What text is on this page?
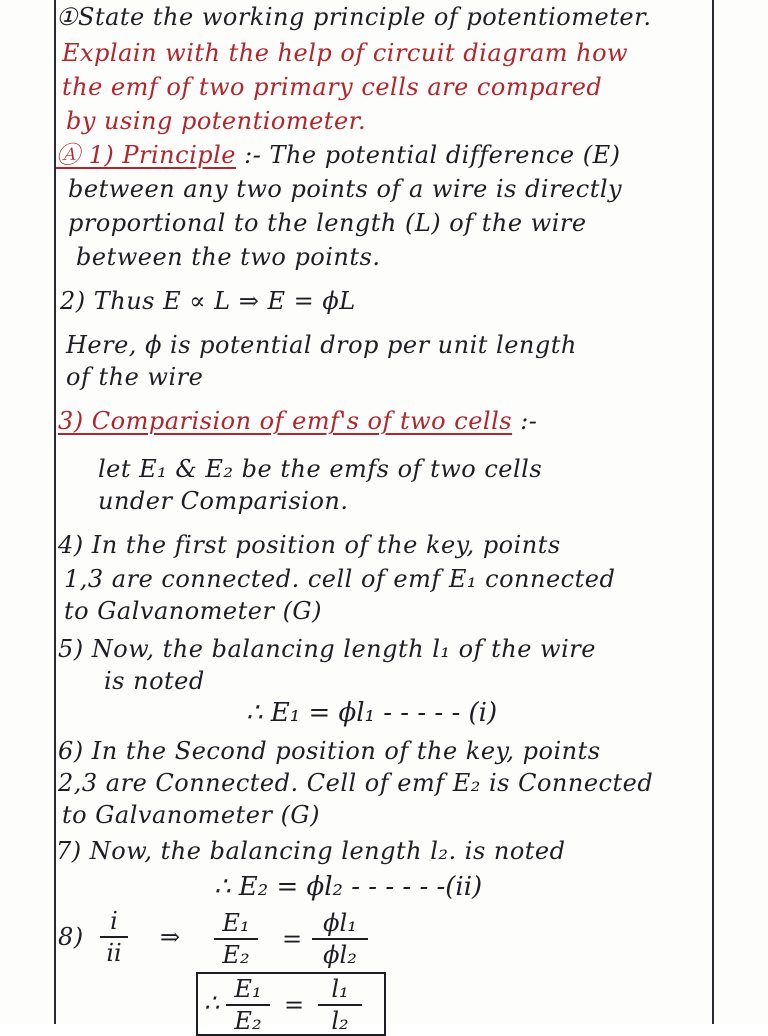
①State the working principle of potentiometer.
Explain with the help of circuit diagram how
the emf of two primary cells are compared
by using potentiometer.
Ⓐ 1) Principle :- The potential difference (E)
between any two points of a wire is directly
proportional to the length (L) of the wire
between the two points.
2) Thus E ∝ L ⇒ E = ϕL
Here, ϕ is potential drop per unit length
of the wire
3) Comparision of emf's of two cells :-
let E₁ & E₂ be the emfs of two cells
under Comparision.
4) In the first position of the key, points
1,3 are connected. cell of emf E₁ connected
to Galvanometer (G)
5) Now, the balancing length l₁ of the wire
is noted
∴ E₁ = ϕl₁ - - - - - (i)
6) In the Second position of the key, points
2,3 are Connected. Cell of emf E₂ is Connected
to Galvanometer (G)
7) Now, the balancing length l₂. is noted
∴ E₂ = ϕl₂ - - - - - -(ii)
8)
i
ii
⇒	E₁
E₂
=
ϕl₁
ϕl₂
∴ E₁
E₂
=
l₁
l₂
